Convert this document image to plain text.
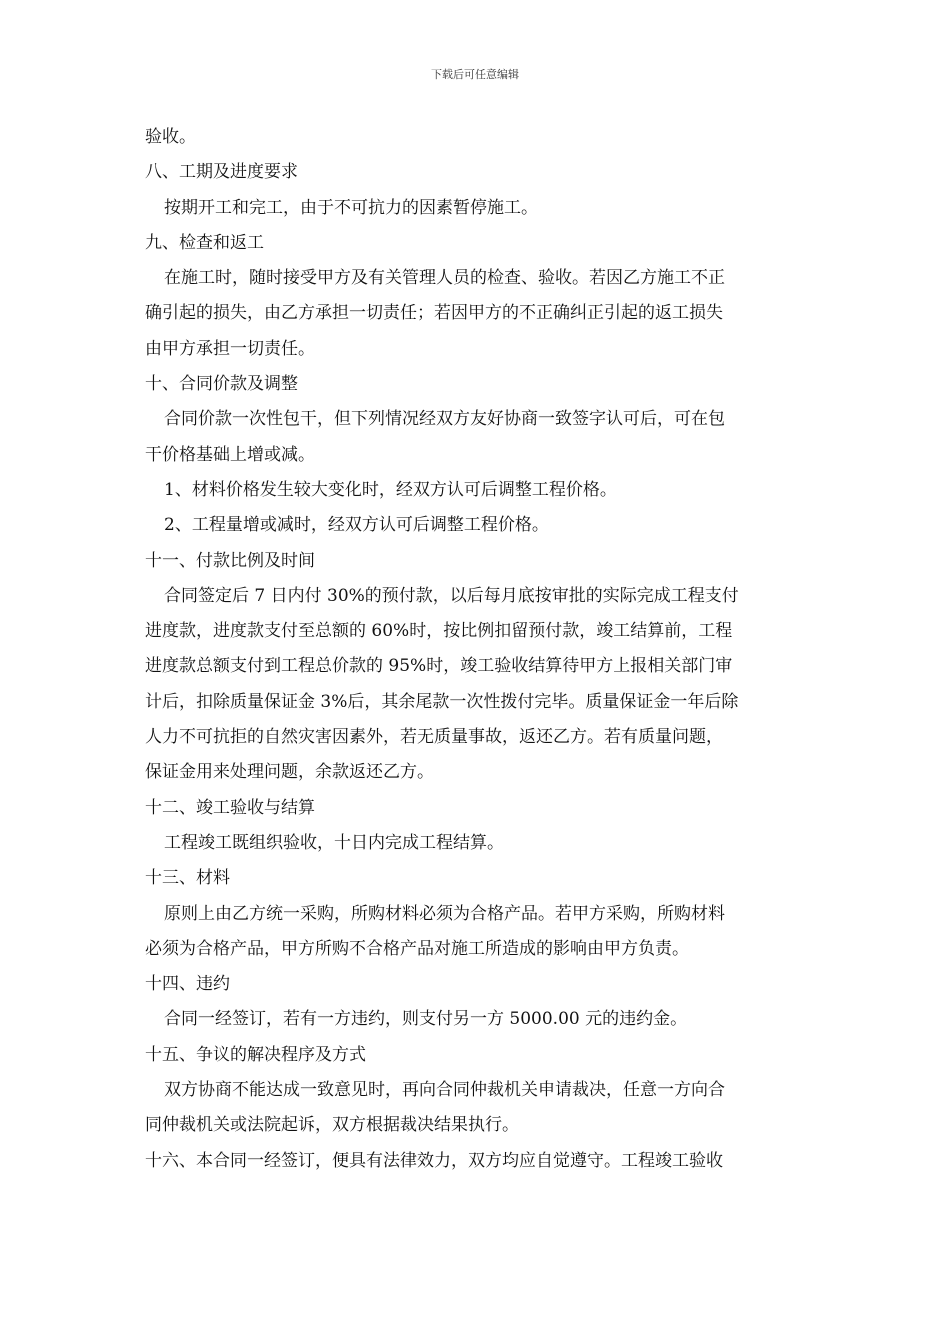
下载后可任意编辑
验收。
八、工期及进度要求
按期开工和完工，由于不可抗力的因素暂停施工。
九、检查和返工
在施工时，随时接受甲方及有关管理人员的检查、验收。若因乙方施工不正
确引起的损失，由乙方承担一切责任；若因甲方的不正确纠正引起的返工损失
由甲方承担一切责任。
十、合同价款及调整
合同价款一次性包干，但下列情况经双方友好协商一致签字认可后，可在包
干价格基础上增或减。
1、材料价格发生较大变化时，经双方认可后调整工程价格。
2、工程量增或减时，经双方认可后调整工程价格。
十一、付款比例及时间
合同签定后 7 日内付 30%的预付款，以后每月底按审批的实际完成工程支付
进度款，进度款支付至总额的 60%时，按比例扣留预付款，竣工结算前，工程
进度款总额支付到工程总价款的 95%时，竣工验收结算待甲方上报相关部门审
计后，扣除质量保证金 3%后，其余尾款一次性拨付完毕。质量保证金一年后除
人力不可抗拒的自然灾害因素外，若无质量事故，返还乙方。若有质量问题，
保证金用来处理问题，余款返还乙方。
十二、竣工验收与结算
工程竣工既组织验收，十日内完成工程结算。
十三、材料
原则上由乙方统一采购，所购材料必须为合格产品。若甲方采购，所购材料
必须为合格产品，甲方所购不合格产品对施工所造成的影响由甲方负责。
十四、违约
合同一经签订，若有一方违约，则支付另一方 5000.00 元的违约金。
十五、争议的解决程序及方式
双方协商不能达成一致意见时，再向合同仲裁机关申请裁决，任意一方向合
同仲裁机关或法院起诉，双方根据裁决结果执行。
十六、本合同一经签订，便具有法律效力，双方均应自觉遵守。工程竣工验收
